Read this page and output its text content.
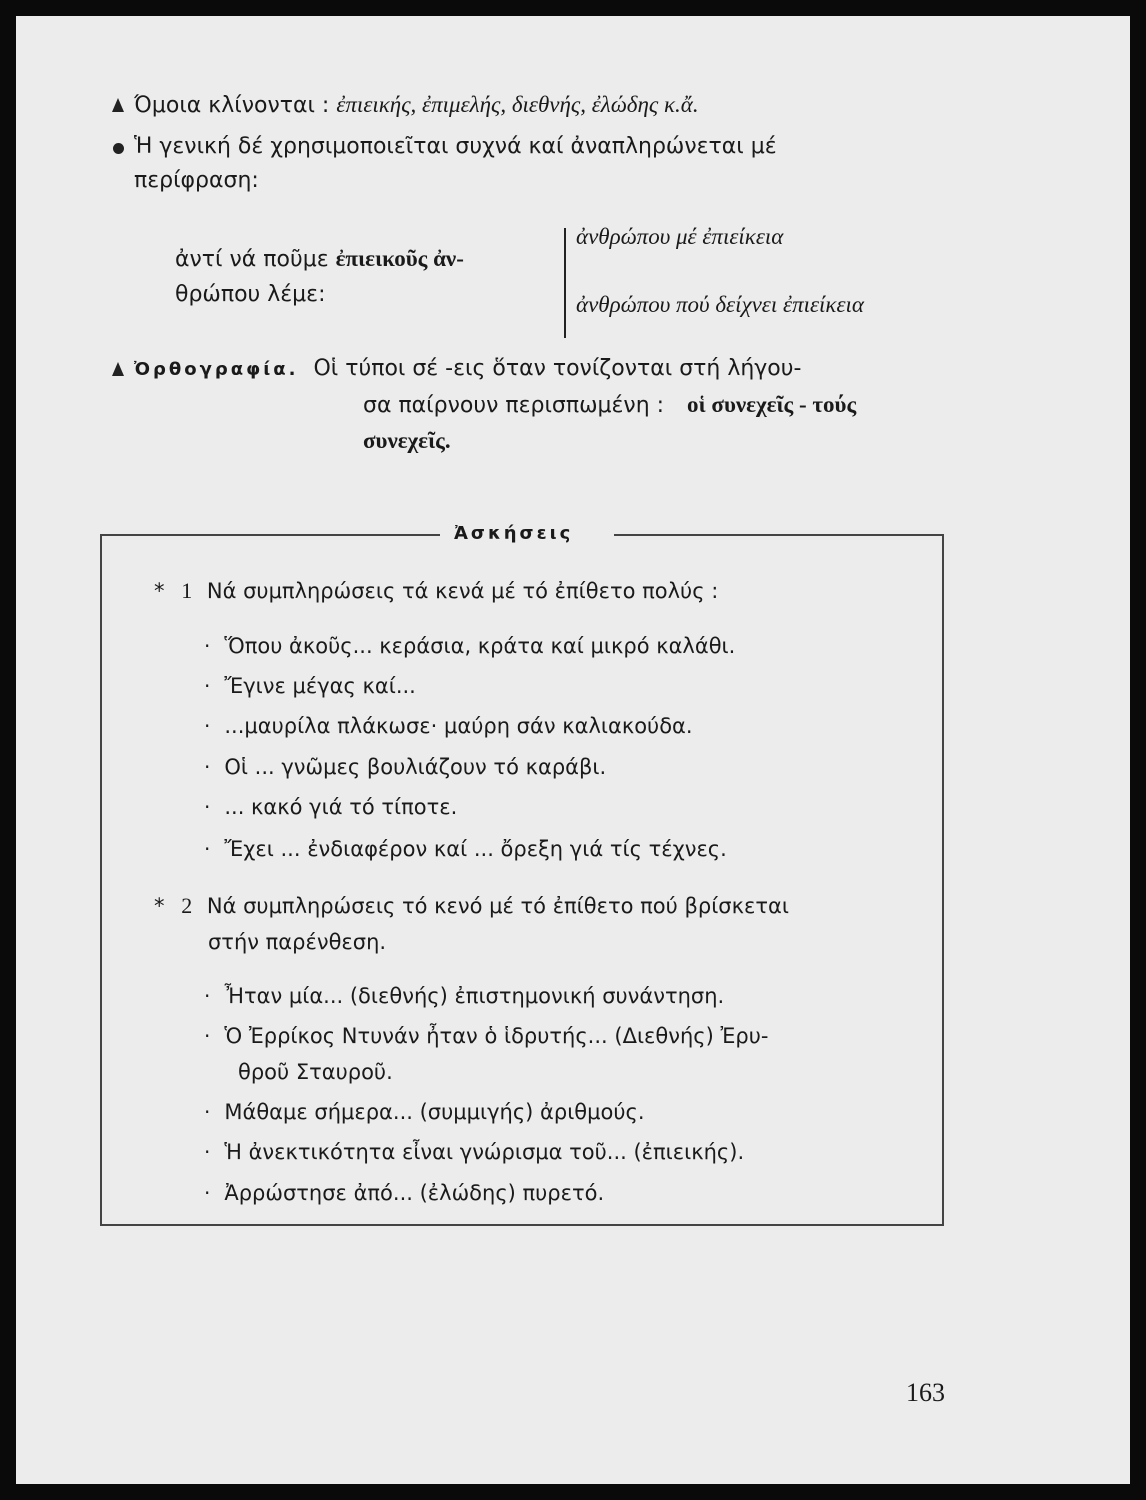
Όμοια κλίνονται : ἐπιεικής, ἐπιμελής, διεθνής, ἐλώδης κ.ἄ.
Ἡ γενική δέ χρησιμοποιεῖται συχνά καί ἀναπληρώνεται μέ
περίφραση:
ἀντί νά ποῦμε ἐπιεικοῦς ἀν-
θρώπου λέμε:
ἀνθρώπου μέ ἐπιείκεια
ἀνθρώπου πού δείχνει ἐπιείκεια
Ὀρθογραφία. Οἱ τύποι σέ -εις ὅταν τονίζονται στή λήγου-
σα παίρνουν περισπωμένη : οἱ συνεχεῖς - τούς
συνεχεῖς.
Ἀσκήσεις
* 1 Νά συμπληρώσεις τά κενά μέ τό ἐπίθετο πολύς :
· Ὅπου ἀκοῦς... κεράσια, κράτα καί μικρό καλάθι.
· Ἔγινε μέγας καί...
· ...μαυρίλα πλάκωσε· μαύρη σάν καλιακούδα.
· Οἱ ... γνῶμες βουλιάζουν τό καράβι.
· ... κακό γιά τό τίποτε.
· Ἔχει ... ἐνδιαφέρον καί ... ὄρεξη γιά τίς τέχνες.
* 2 Νά συμπληρώσεις τό κενό μέ τό ἐπίθετο πού βρίσκεται
στήν παρένθεση.
· Ἦταν μία... (διεθνής) ἐπιστημονική συνάντηση.
· Ὁ Ἐρρίκος Ντυνάν ἦταν ὁ ἱδρυτής... (Διεθνής) Ἐρυ-
θροῦ Σταυροῦ.
· Μάθαμε σήμερα... (συμμιγής) ἀριθμούς.
· Ἡ ἀνεκτικότητα εἶναι γνώρισμα τοῦ... (ἐπιεικής).
· Ἀρρώστησε ἀπό... (ἐλώδης) πυρετό.
163
